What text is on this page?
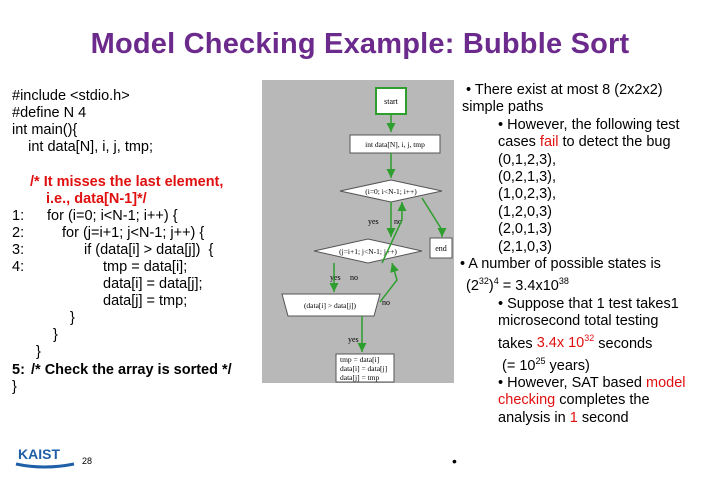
Model Checking Example: Bubble Sort
#include <stdio.h>
#define N 4
int main(){
int data[N], i, j, tmp;
/* It misses the last element,
i.e., data[N-1]*/
1: for (i=0; i<N-1; i++) {
2:	for (j=i+1; j<N-1; j++) {
3:	if (data[i] > data[j])  {
4:	tmp = data[i];
data[i] = data[j];
data[j] = tmp;
}
}
}
5: /* Check the array is sorted */
}
start
int data[N], i, j, tmp
(i=0; i<N-1; i++)
yes no
end
(j=i+1; j<N-1; j++)
yes no
(data[i] > data[j])	no
yes
tmp = data[i]
data[i] = data[j]
data[j] = tmp
• There exist at most 8 (2x2x2)
simple paths
• However, the following test
cases fail to detect the bug
(0,1,2,3),
(0,2,1,3),
(1,0,2,3),
(1,2,0,3)
(2,0,1,3)
(2,1,0,3)
• A number of possible states is
$(2^{32})^4 = 3.4x10^{38}$
• Suppose that 1 test takes1
microsecond total testing
takes 3.4x $10^{32}$ seconds
(= $10^{25}$ years)
• However, SAT based model
checking completes the
analysis in 1 second
KAIST 28	•
